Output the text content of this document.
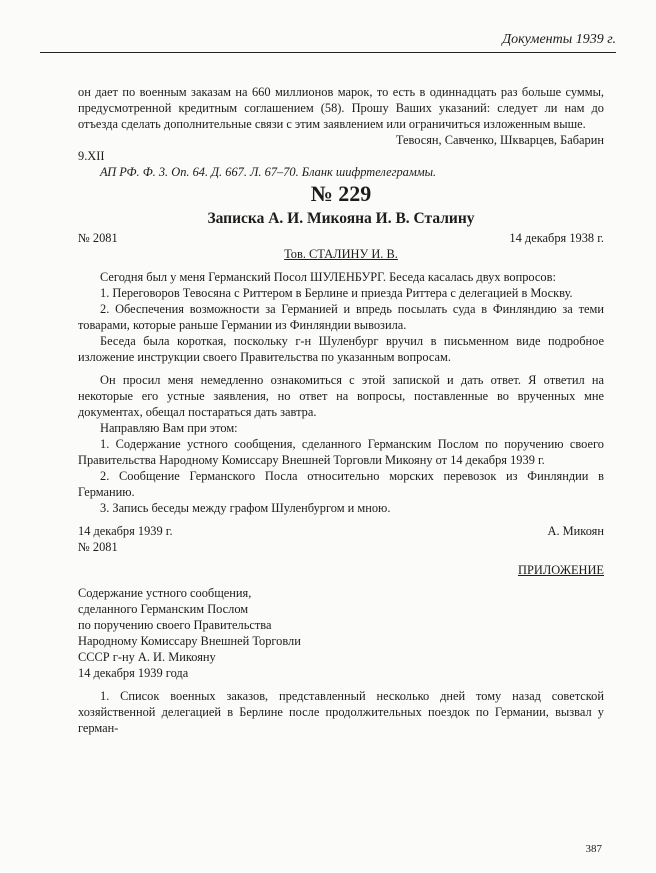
Документы 1939 г.

он дает по военным заказам на 660 миллионов марок, то есть в одиннадцать раз больше суммы, предусмотренной кредитным соглашением (58). Прошу Ваших указаний: следует ли нам до отъезда сделать дополнительные связи с этим заявлением или ограничиться изложенным выше.

Тевосян, Савченко, Шкварцев, Бабарин

9.XII

АП РФ. Ф. 3. Оп. 64. Д. 667. Л. 67–70. Бланк шифртелеграммы.

№ 229

Записка А. И. Микояна И. В. Сталину

№ 2081	14 декабря 1938 г.

Тов. СТАЛИНУ И. В.

Сегодня был у меня Германский Посол ШУЛЕНБУРГ. Беседа касалась двух вопросов:

1. Переговоров Тевосяна с Риттером в Берлине и приезда Риттера с делегацией в Москву.

2. Обеспечения возможности за Германией и впредь посылать суда в Финляндию за теми товарами, которые раньше Германии из Финляндии вывозила.

Беседа была короткая, поскольку г-н Шуленбург вручил в письменном виде подробное изложение инструкции своего Правительства по указанным вопросам.

Он просил меня немедленно ознакомиться с этой запиской и дать ответ. Я ответил на некоторые его устные заявления, но ответ на вопросы, поставленные во врученных мне документах, обещал постараться дать завтра.

Направляю Вам при этом:

1. Содержание устного сообщения, сделанного Германским Послом по поручению своего Правительства Народному Комиссару Внешней Торговли Микояну от 14 декабря 1939 г.

2. Сообщение Германского Посла относительно морских перевозок из Финляндии в Германию.

3. Запись беседы между графом Шуленбургом и мною.

14 декабря 1939 г.	А. Микоян

№ 2081

ПРИЛОЖЕНИЕ

Содержание устного сообщения,
сделанного Германским Послом
по поручению своего Правительства
Народному Комиссару Внешней Торговли
СССР г-ну А. И. Микояну
14 декабря 1939 года

1. Список военных заказов, представленный несколько дней тому назад советской хозяйственной делегацией в Берлине после продолжительных поездок по Германии, вызвал у герман-

387
